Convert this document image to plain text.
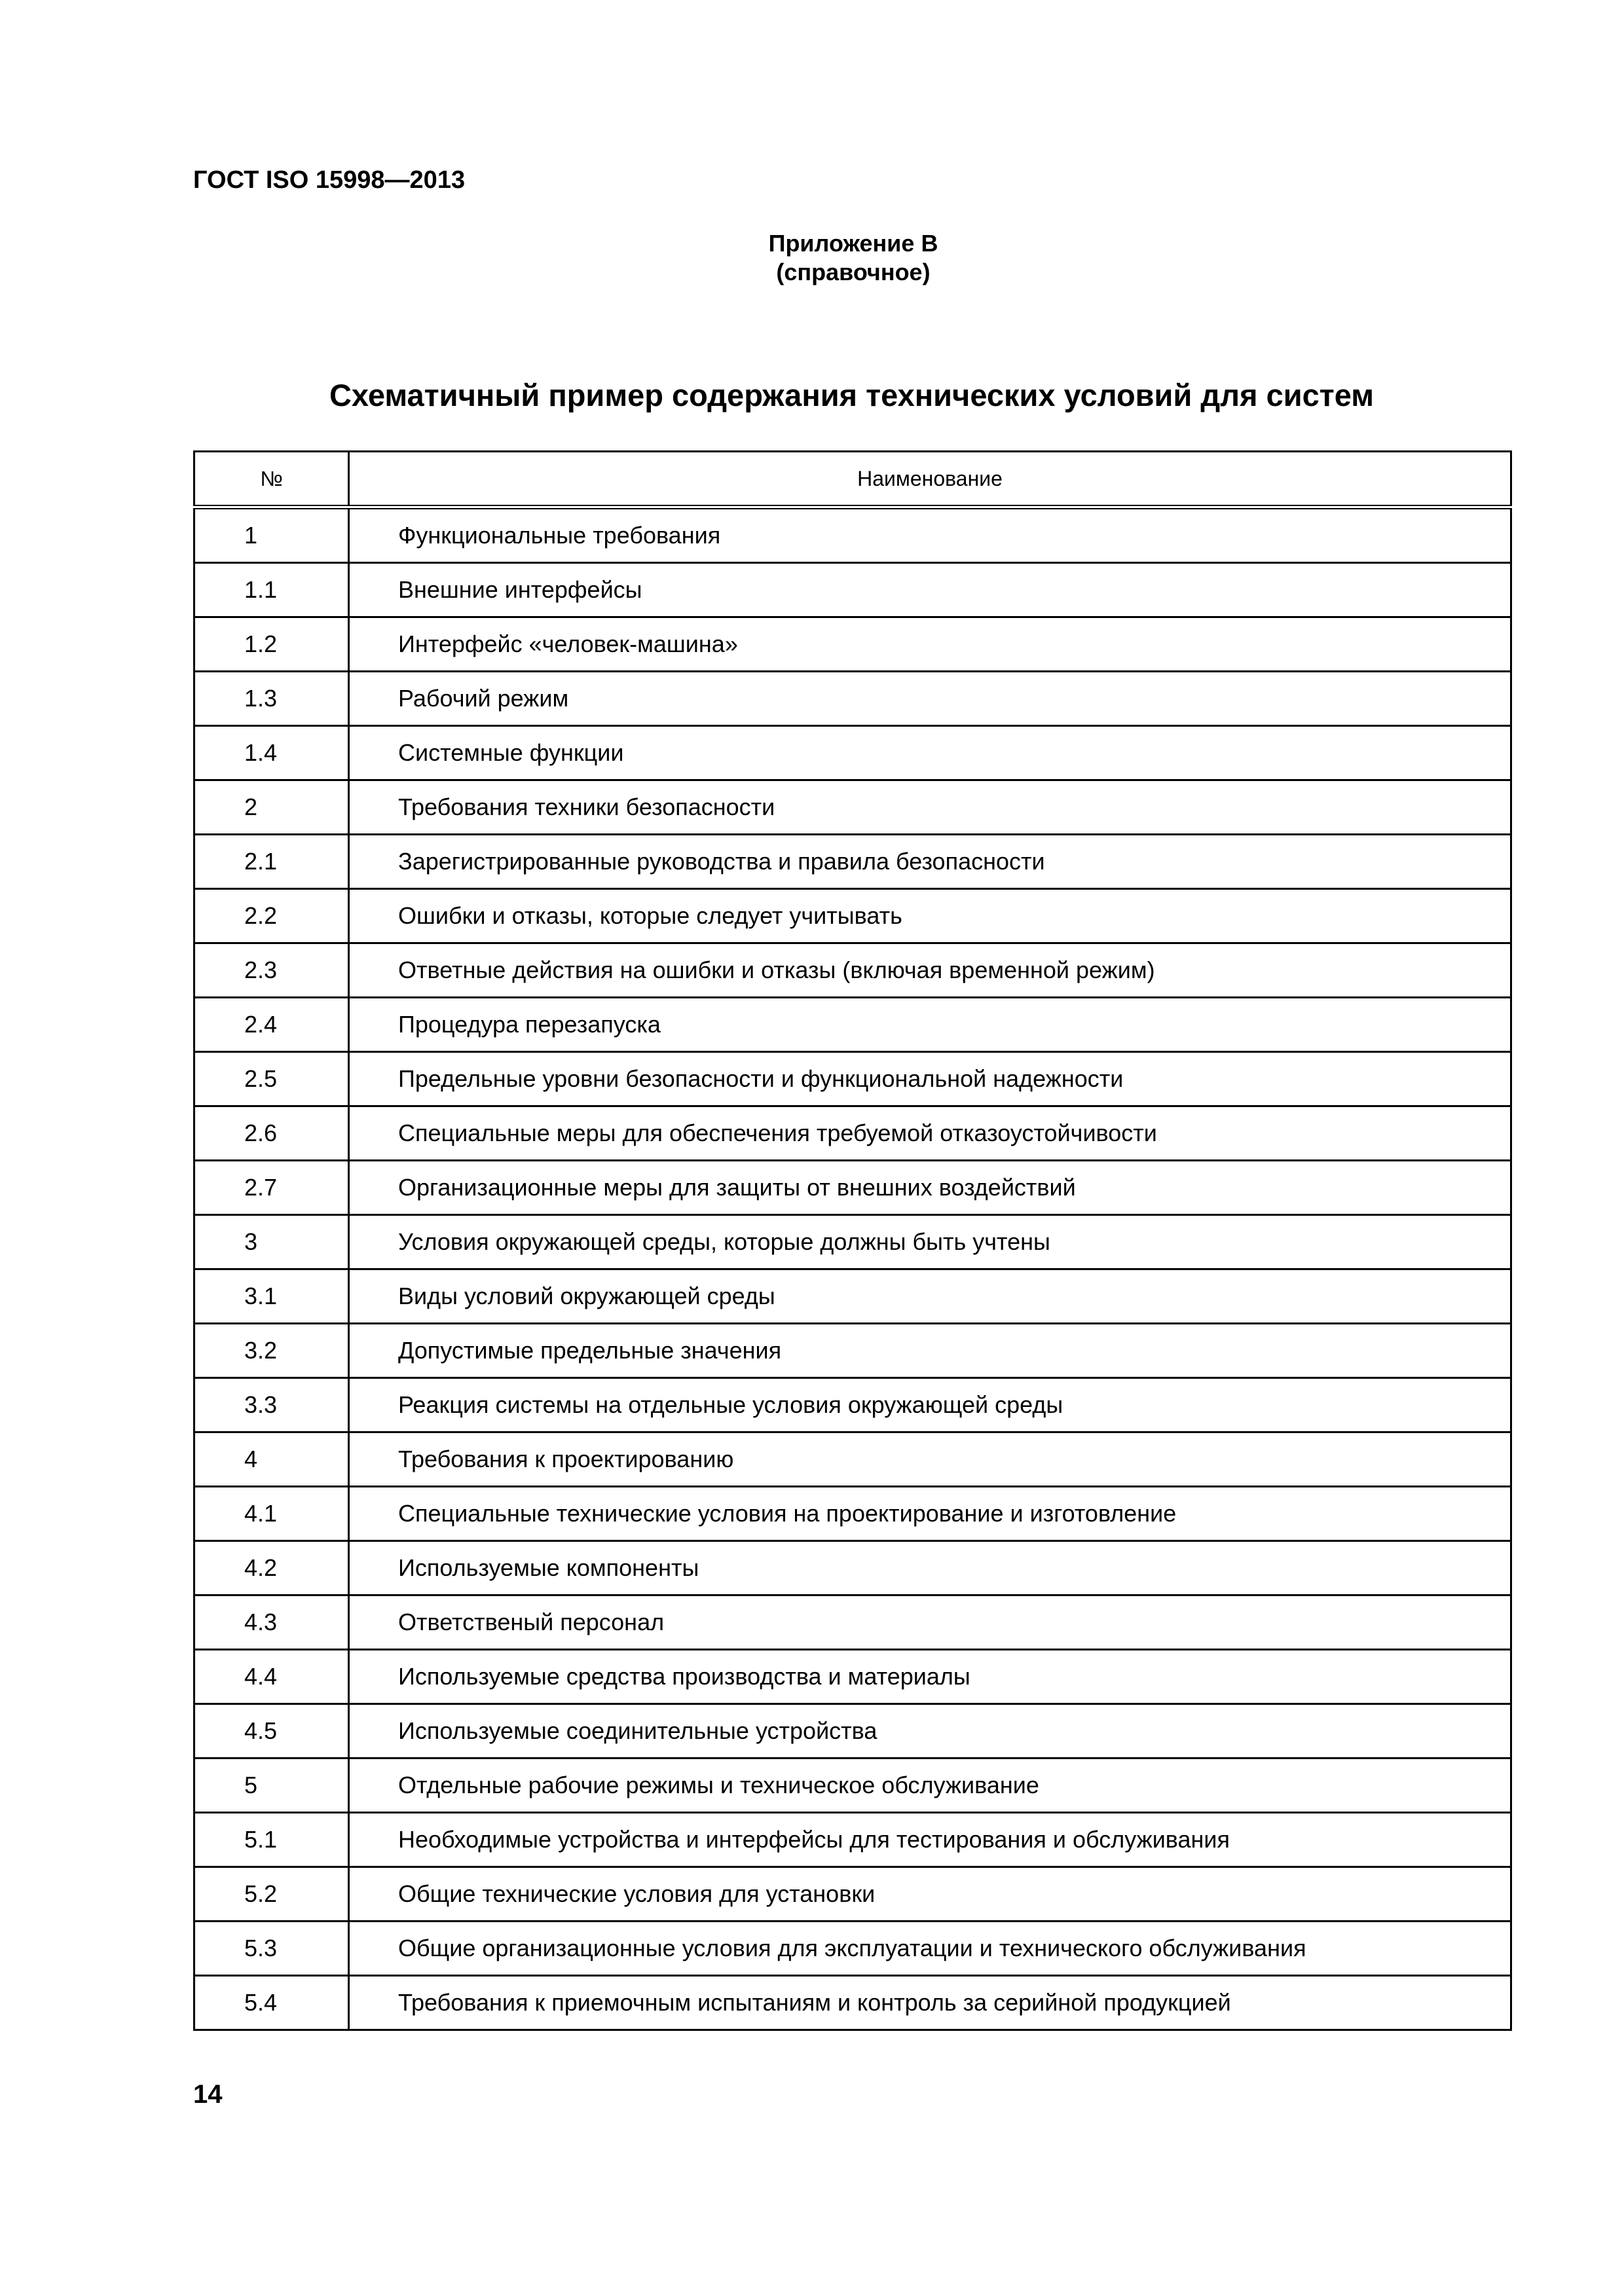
ГОСТ ISO 15998—2013
Приложение В
(справочное)
Схематичный пример содержания технических условий для систем
№	Наименование
1	Функциональные требования
1.1	Внешние интерфейсы
1.2	Интерфейс «человек-машина»
1.3	Рабочий режим
1.4	Системные функции
2	Требования техники безопасности
2.1	Зарегистрированные руководства и правила безопасности
2.2	Ошибки и отказы, которые следует учитывать
2.3	Ответные действия на ошибки и отказы (включая временной режим)
2.4	Процедура перезапуска
2.5	Предельные уровни безопасности и функциональной надежности
2.6	Специальные меры для обеспечения требуемой отказоустойчивости
2.7	Организационные меры для защиты от внешних воздействий
3	Условия окружающей среды, которые должны быть учтены
3.1	Виды условий окружающей среды
3.2	Допустимые предельные значения
3.3	Реакция системы на отдельные условия окружающей среды
4	Требования к проектированию
4.1	Специальные технические условия на проектирование и изготовление
4.2	Используемые компоненты
4.3	Ответственый персонал
4.4	Используемые средства производства и материалы
4.5	Используемые соединительные устройства
5	Отдельные рабочие режимы и техническое обслуживание
5.1	Необходимые устройства и интерфейсы для тестирования и обслуживания
5.2	Общие технические условия для установки
5.3	Общие организационные условия для эксплуатации и технического обслуживания
5.4	Требования к приемочным испытаниям и контроль за серийной продукцией
14
